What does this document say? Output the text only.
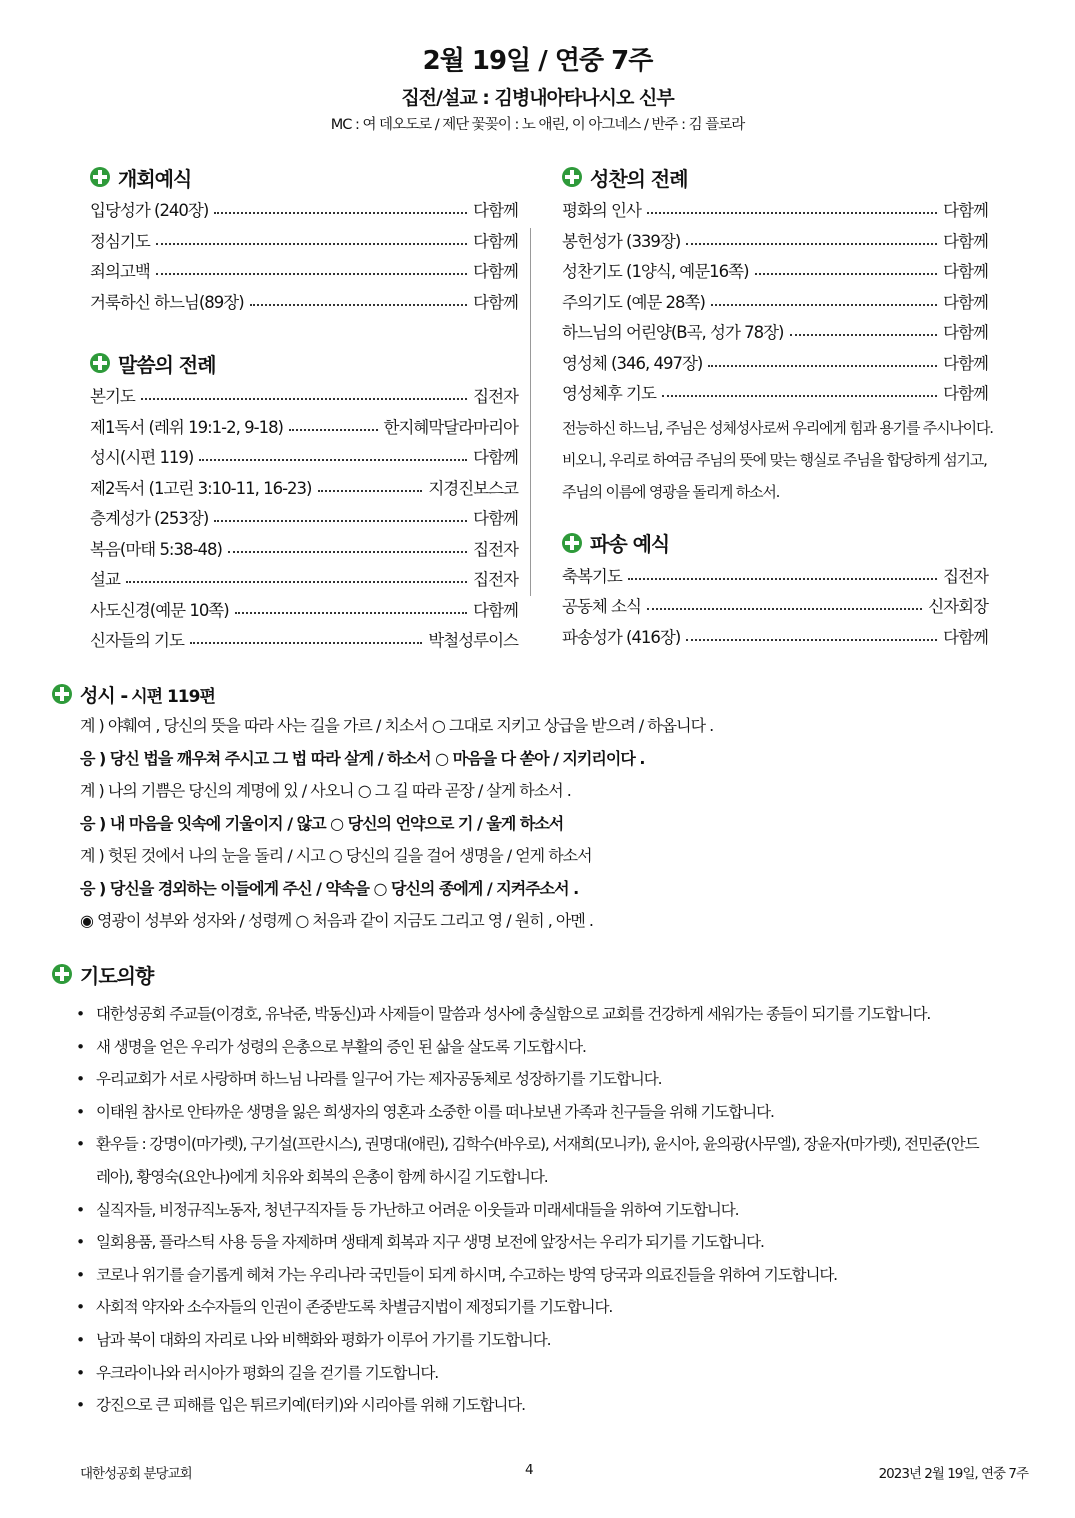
2월 19일 / 연중 7주
집전/설교 : 김병내아타나시오 신부
MC : 여 데오도로 / 제단 꽃꽂이 : 노 애린, 이 아그네스 / 반주 : 김 플로라
개회예식
입당성가 (240장)	다함께
정심기도	다함께
죄의고백	다함께
거룩하신 하느님(89장)	다함께
말씀의 전례
본기도	집전자
제1독서 (레위 19:1-2, 9-18)	한지혜막달라마리아
성시(시편 119)	다함께
제2독서 (1고린 3:10-11, 16-23)	지경진보스코
층계성가 (253장)	다함께
복음(마태 5:38-48)	집전자
설교	집전자
사도신경(예문 10쪽)	다함께
신자들의 기도	박철성루이스
성찬의 전례
평화의 인사	다함께
봉헌성가 (339장)	다함께
성찬기도 (1양식, 예문16쪽)	다함께
주의기도 (예문 28쪽)	다함께
하느님의 어린양(B곡, 성가 78장)	다함께
영성체 (346, 497장)	다함께
영성체후 기도	다함께
전능하신 하느님, 주님은 성체성사로써 우리에게 힘과 용기를 주시나이다.
비오니, 우리로 하여금 주님의 뜻에 맞는 행실로 주님을 합당하게 섬기고,
주님의 이름에 영광을 돌리게 하소서.
파송 예식
축복기도	집전자
공동체 소식	신자회장
파송성가 (416장)	다함께
성시 - 시편 119편
계 ) 야훼여 , 당신의 뜻을 따라 사는 길을 가르 / 치소서 ○ 그대로 지키고 상급을 받으려 / 하옵니다 .
응 ) 당신 법을 깨우쳐 주시고 그 법 따라 살게 / 하소서 ○ 마음을 다 쏟아 / 지키리이다 .
계 ) 나의 기쁨은 당신의 계명에 있 / 사오니 ○ 그 길 따라 곧장 / 살게 하소서 .
응 ) 내 마음을 잇속에 기울이지 / 않고 ○ 당신의 언약으로 기 / 울게 하소서
계 ) 헛된 것에서 나의 눈을 돌리 / 시고 ○ 당신의 길을 걸어 생명을 / 얻게 하소서
응 ) 당신을 경외하는 이들에게 주신 / 약속을 ○ 당신의 종에게 / 지켜주소서 .
◉ 영광이 성부와 성자와 / 성령께 ○ 처음과 같이 지금도 그리고 영 / 원히 , 아멘 .
기도의향
• 대한성공회 주교들(이경호, 유낙준, 박동신)과 사제들이 말씀과 성사에 충실함으로 교회를 건강하게 세워가는 종들이 되기를 기도합니다.
• 새 생명을 얻은 우리가 성령의 은총으로 부활의 증인 된 삶을 살도록 기도합시다.
• 우리교회가 서로 사랑하며 하느님 나라를 일구어 가는 제자공동체로 성장하기를 기도합니다.
• 이태원 참사로 안타까운 생명을 잃은 희생자의 영혼과 소중한 이를 떠나보낸 가족과 친구들을 위해 기도합니다.
• 환우들 : 강명이(마가렛), 구기설(프란시스), 권명대(애린), 김학수(바우로), 서재희(모니카), 윤시아, 윤의광(사무엘), 장윤자(마가렛), 전민준(안드
레아), 황영숙(요안나)에게 치유와 회복의 은총이 함께 하시길 기도합니다.
• 실직자들, 비정규직노동자, 청년구직자들 등 가난하고 어려운 이웃들과 미래세대들을 위하여 기도합니다.
• 일회용품, 플라스틱 사용 등을 자제하며 생태계 회복과 지구 생명 보전에 앞장서는 우리가 되기를 기도합니다.
• 코로나 위기를 슬기롭게 헤쳐 가는 우리나라 국민들이 되게 하시며, 수고하는 방역 당국과 의료진들을 위하여 기도합니다.
• 사회적 약자와 소수자들의 인권이 존중받도록 차별금지법이 제정되기를 기도합니다.
• 남과 북이 대화의 자리로 나와 비핵화와 평화가 이루어 가기를 기도합니다.
• 우크라이나와 러시아가 평화의 길을 걷기를 기도합니다.
• 강진으로 큰 피해를 입은 튀르키예(터키)와 시리아를 위해 기도합니다.
대한성공회 분당교회	4	2023년 2월 19일, 연중 7주
